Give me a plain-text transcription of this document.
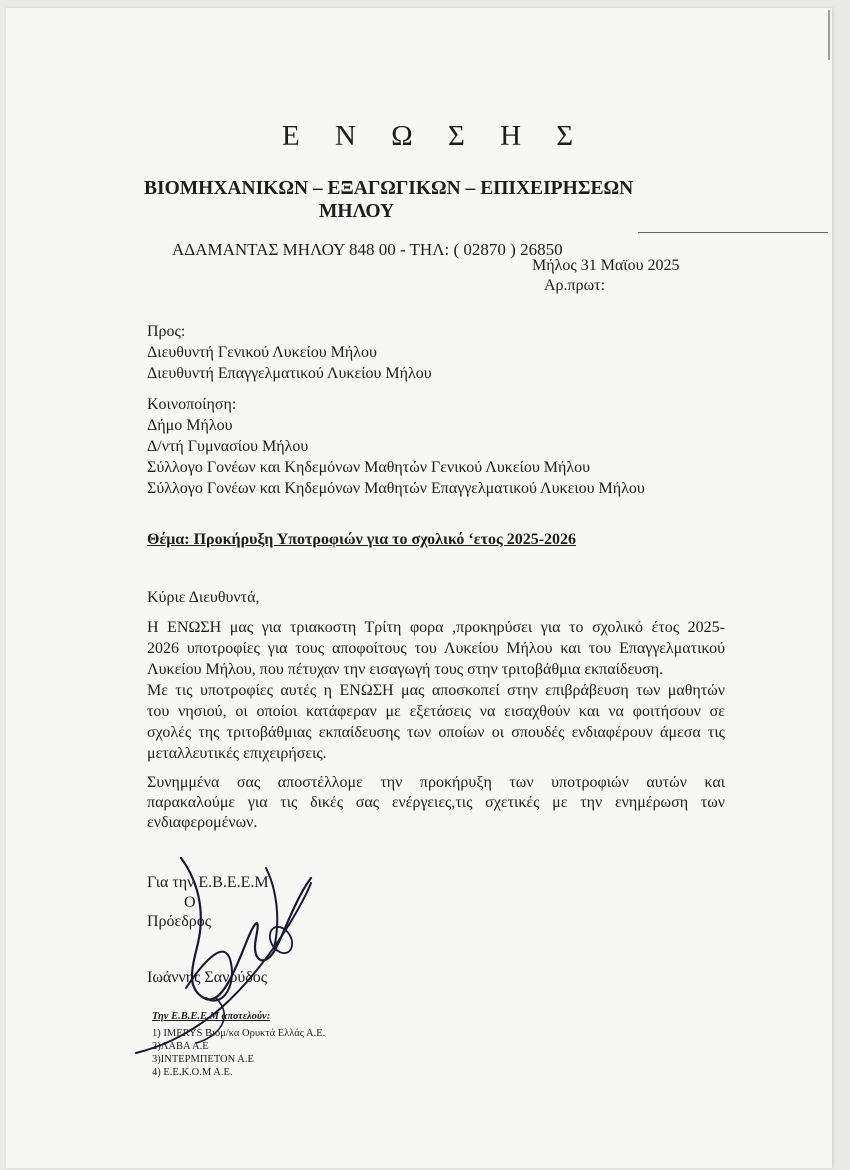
Ε Ν Ω Σ Η Σ
ΒΙΟΜΗΧΑΝΙΚΩΝ – ΕΞΑΓΩΓΙΚΩΝ – ΕΠΙΧΕΙΡΗΣΕΩΝ
ΜΗΛΟΥ
ΑΔΑΜΑΝΤΑΣ ΜΗΛΟΥ 848 00 - ΤΗΛ: ( 02870 ) 26850
Μήλος 31 Μαϊου 2025
Αρ.πρωτ:
Προς:
Διευθυντή Γενικού Λυκείου Μήλου
Διευθυντή Επαγγελματικού Λυκείου Μήλου
Κοινοποίηση:
Δήμο Μήλου
Δ/ντή Γυμνασίου Μήλου
Σύλλογο Γονέων και Κηδεμόνων Μαθητών Γενικού Λυκείου Μήλου
Σύλλογο Γονέων και Κηδεμόνων Μαθητών Επαγγελματικού Λυκειου Μήλου
Θέμα: Προκήρυξη Υποτροφιών για το σχολικό ‘ετος 2025-2026
Κύριε Διευθυντά,
Η ΕΝΩΣΗ μας για τριακοστη Τρίτη φορα ,προκηρύσει για το σχολικό έτος 2025-
2026 υποτροφίες για τους αποφοίτους του Λυκείου Μήλου και του Επαγγελματικού
Λυκείου Μήλου, που πέτυχαν την εισαγωγή τους στην τριτοβάθμια εκπαίδευση.
Με τις υποτροφίες αυτές η ΕΝΩΣΗ μας αποσκοπεί στην επιβράβευση των μαθητών
του νησιού, οι οποίοι κατάφεραν με εξετάσεις να εισαχθούν και να φοιτήσουν σε
σχολές της τριτοβάθμιας εκπαίδευσης των οποίων οι σπουδές ενδιαφέρουν άμεσα τις
μεταλλευτικές επιχειρήσεις.
Συνημμένα σας αποστέλλομε την προκήρυξη των υποτροφιών αυτών και
παρακαλούμε για τις δικές σας ενέργειες,τις σχετικές με την ενημέρωση των
ενδιαφερομένων.
Για την Ε.Β.Ε.Ε.Μ
Ο
Πρόεδρος
Ιωάννης Σανούδος
Την Ε.Β.Ε.Ε.Μ αποτελούν:
1) IMERYS Βιομ/κα Ορυκτά Ελλάς Α.Ε.
2)ΛΑΒΑ Α.Ε
3)ΙΝΤΕΡΜΠΕΤΟΝ Α.Ε
4) Ε.Ε.Κ.Ο.Μ Α.Ε.
